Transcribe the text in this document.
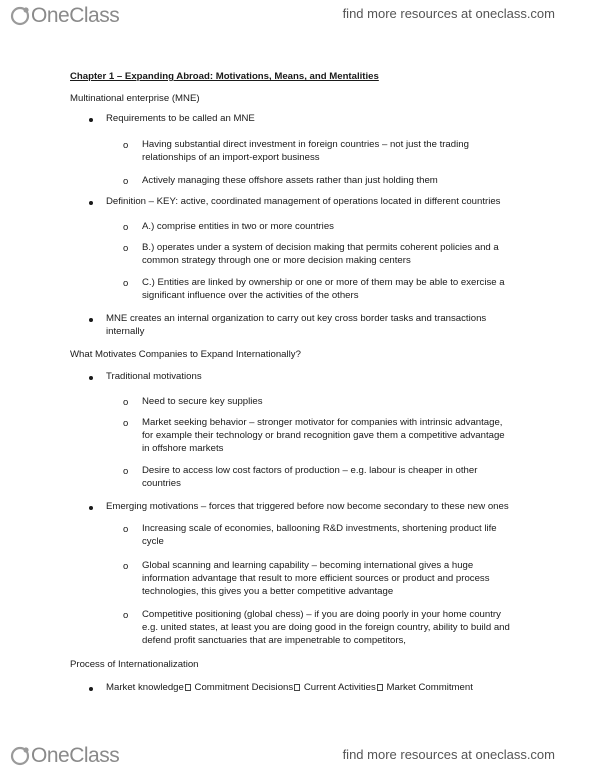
OneClass	find more resources at oneclass.com
Chapter 1 – Expanding Abroad: Motivations, Means, and Mentalities
Multinational enterprise (MNE)
Requirements to be called an MNE
o Having substantial direct investment in foreign countries – not just the trading
relationships of an import-export business
o Actively managing these offshore assets rather than just holding them
Definition – KEY: active, coordinated management of operations located in different countries
o A.) comprise entities in two or more countries
o B.) operates under a system of decision making that permits coherent policies and a
common strategy through one or more decision making centers
o C.) Entities are linked by ownership or one or more of them may be able to exercise a
significant influence over the activities of the others
MNE creates an internal organization to carry out key cross border tasks and transactions
internally
What Motivates Companies to Expand Internationally?
Traditional motivations
o Need to secure key supplies
o Market seeking behavior – stronger motivator for companies with intrinsic advantage,
for example their technology or brand recognition gave them a competitive advantage
in offshore markets
o Desire to access low cost factors of production – e.g. labour is cheaper in other
countries
Emerging motivations – forces that triggered before now become secondary to these new ones
o Increasing scale of economies, ballooning R&D investments, shortening product life
cycle
o Global scanning and learning capability – becoming international gives a huge
information advantage that result to more efficient sources or product and process
technologies, this gives you a better competitive advantage
o Competitive positioning (global chess) – if you are doing poorly in your home country
e.g. united states, at least you are doing good in the foreign country, ability to build and
defend profit sanctuaries that are impenetrable to competitors,
Process of Internationalization
Market knowledge Commitment Decisions Current Activities Market Commitment
OneClass	find more resources at oneclass.com
